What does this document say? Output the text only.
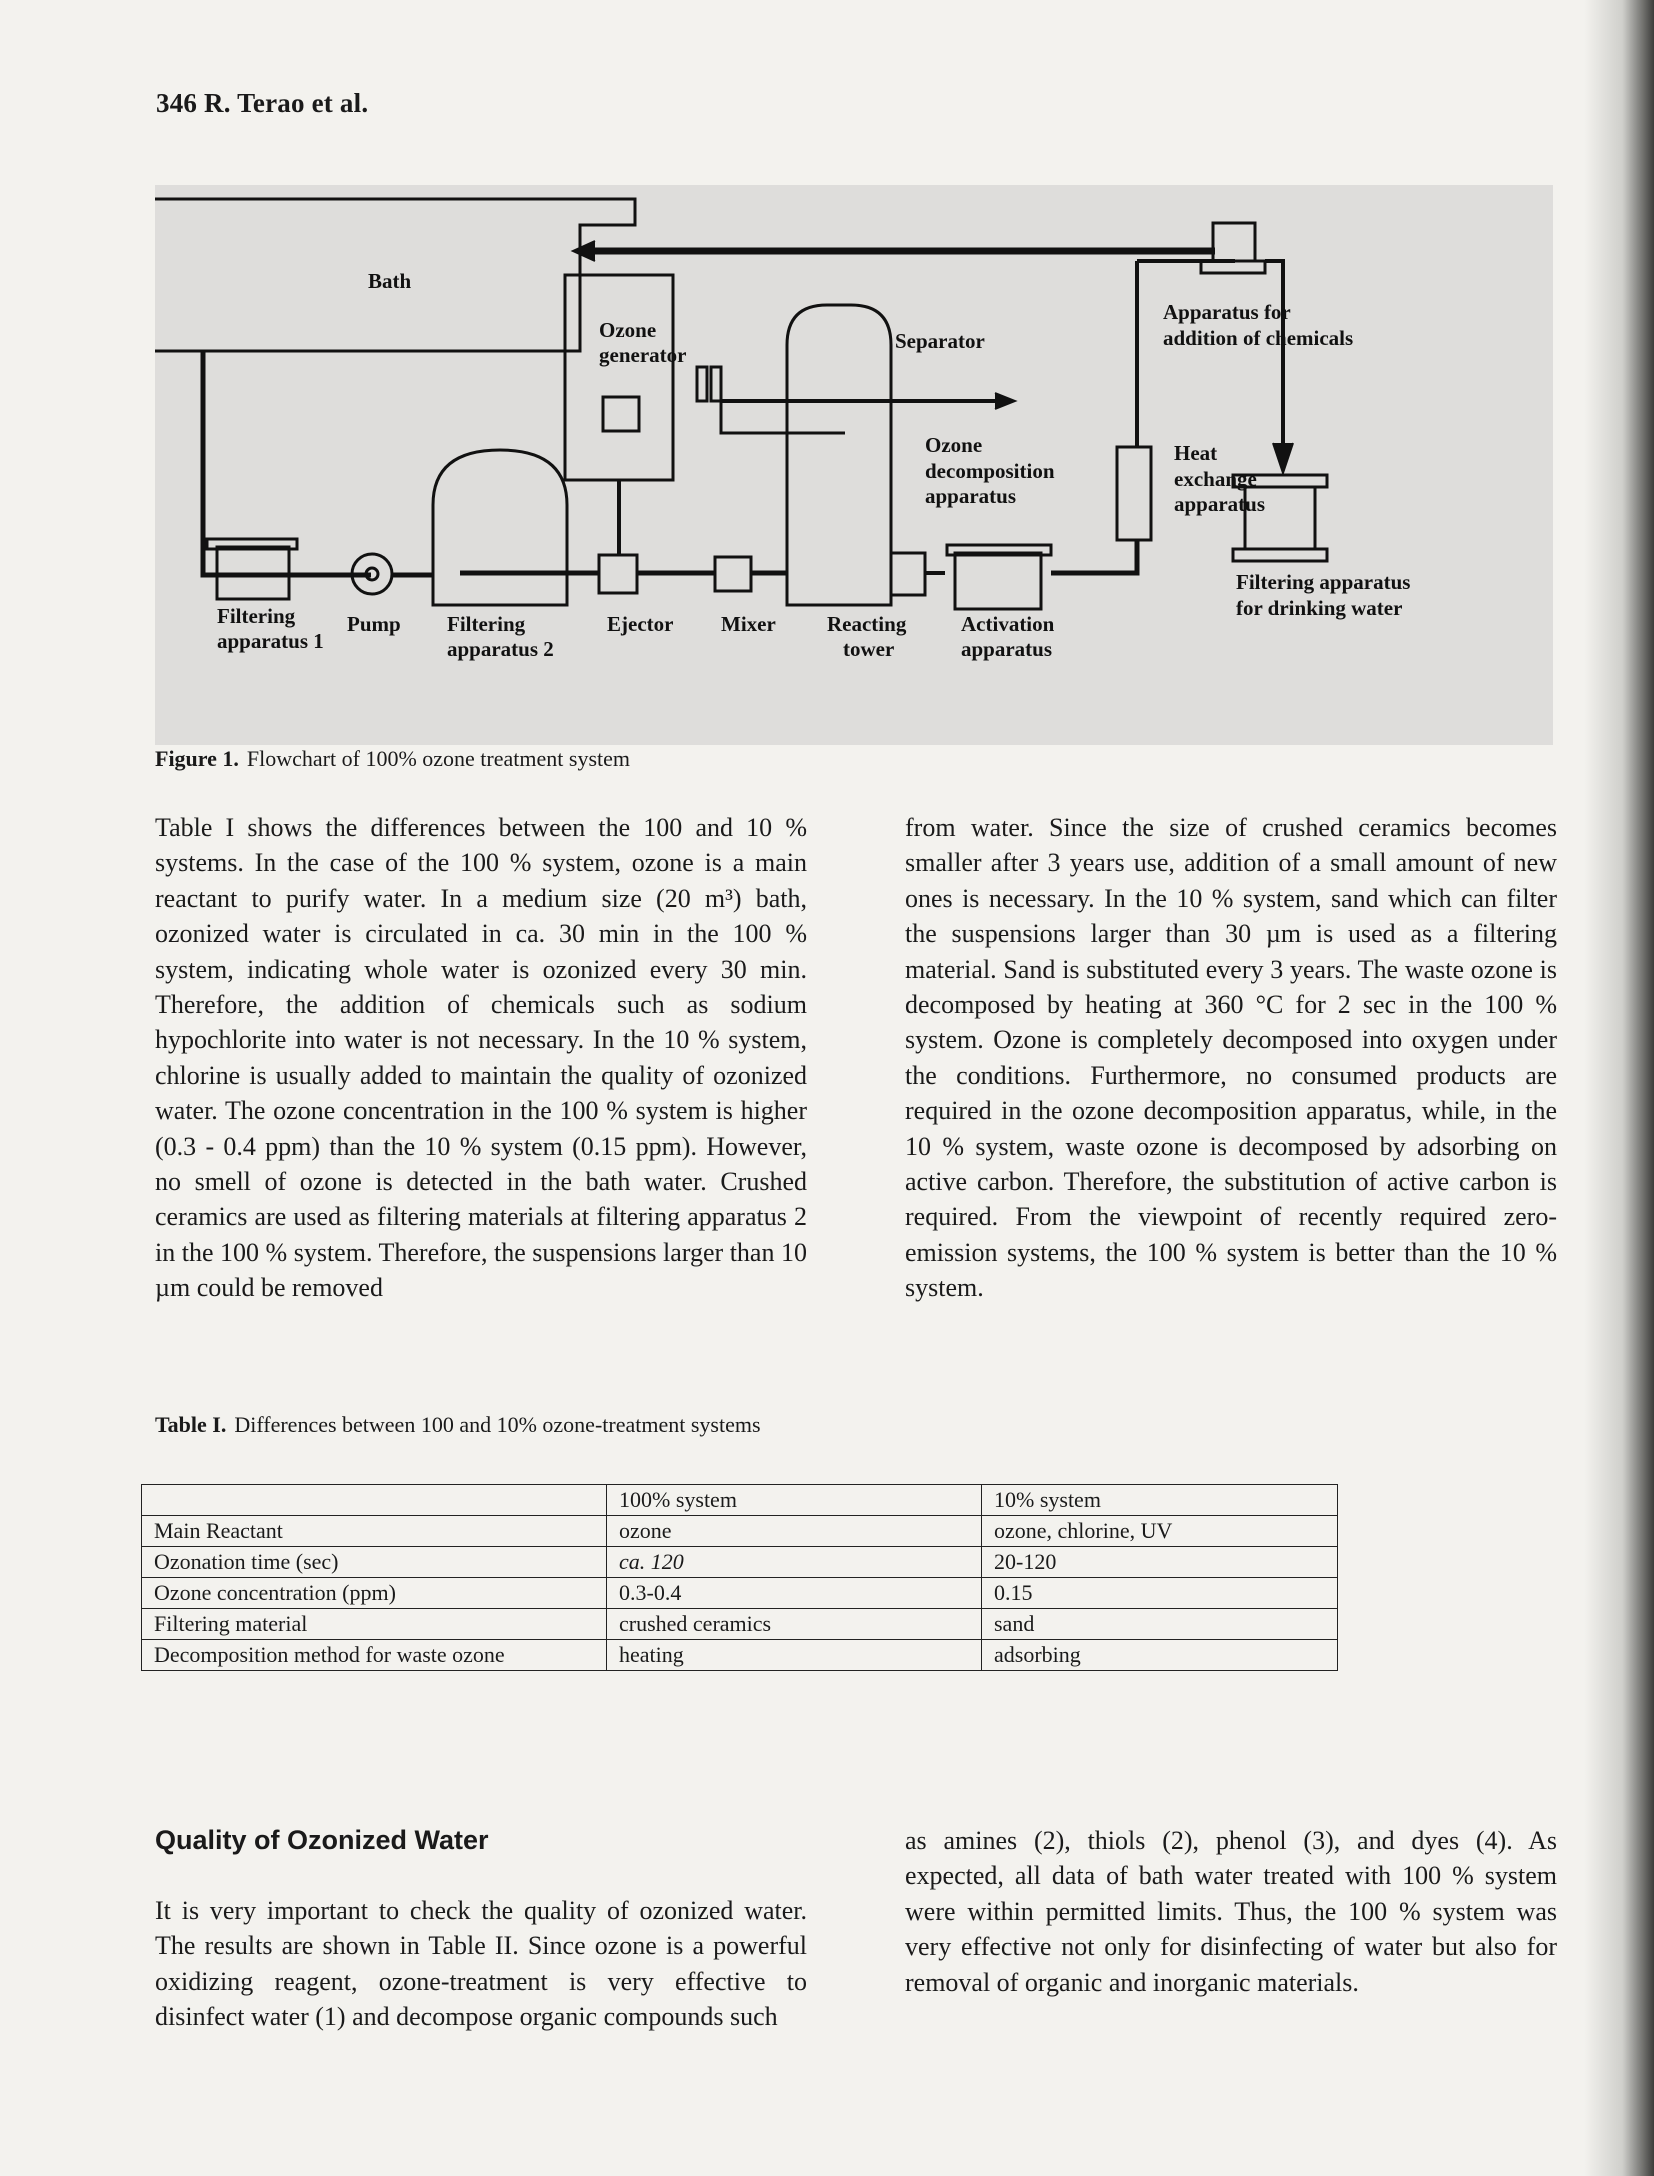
346 R. Terao et al.
Bath
Ozone
generator
Separator
Apparatus for
addition of chemicals
Ozone
decomposition
apparatus
Heat
exchange
apparatus
Filtering apparatus
for drinking water
Filtering
apparatus 1
Pump Filtering
apparatus 2
Ejector Mixer Reacting
tower
Activation
apparatus
Figure 1. Flowchart of 100% ozone treatment system

Table I shows the differences between the 100 and 10 % systems. In the case of the 100 % system, ozone is a main reactant to purify water. In a medium size (20 m³) bath, ozonized water is circulated in ca. 30 min in the 100 % system, indicating whole water is ozonized every 30 min. Therefore, the addition of chemicals such as sodium hypochlorite into water is not necessary. In the 10 % system, chlorine is usually added to maintain the quality of ozonized water. The ozone concentration in the 100 % system is higher (0.3 - 0.4 ppm) than the 10 % system (0.15 ppm). However, no smell of ozone is detected in the bath water. Crushed ceramics are used as filtering materials at filtering apparatus 2 in the 100 % system. Therefore, the suspensions larger than 10 µm could be removed

from water. Since the size of crushed ceramics becomes smaller after 3 years use, addition of a small amount of new ones is necessary. In the 10 % system, sand which can filter the suspensions larger than 30 µm is used as a filtering material. Sand is substituted every 3 years. The waste ozone is decomposed by heating at 360 °C for 2 sec in the 100 % system. Ozone is completely decomposed into oxygen under the conditions. Furthermore, no consumed products are required in the ozone decomposition apparatus, while, in the 10 % system, waste ozone is decomposed by adsorbing on active carbon. Therefore, the substitution of active carbon is required. From the viewpoint of recently required zero-emission systems, the 100 % system is better than the 10 % system.

Table I. Differences between 100 and 10% ozone-treatment systems
	100% system	10% system
Main Reactant	ozone	ozone, chlorine, UV
Ozonation time (sec)	ca. 120	20-120
Ozone concentration (ppm)	0.3-0.4	0.15
Filtering material	crushed ceramics	sand
Decomposition method for waste ozone	heating	adsorbing
Quality of Ozonized Water

It is very important to check the quality of ozonized water. The results are shown in Table II. Since ozone is a powerful oxidizing reagent, ozone-treatment is very effective to disinfect water (1) and decompose organic compounds such

as amines (2), thiols (2), phenol (3), and dyes (4). As expected, all data of bath water treated with 100 % system were within permitted limits. Thus, the 100 % system was very effective not only for disinfecting of water but also for removal of organic and inorganic materials.
